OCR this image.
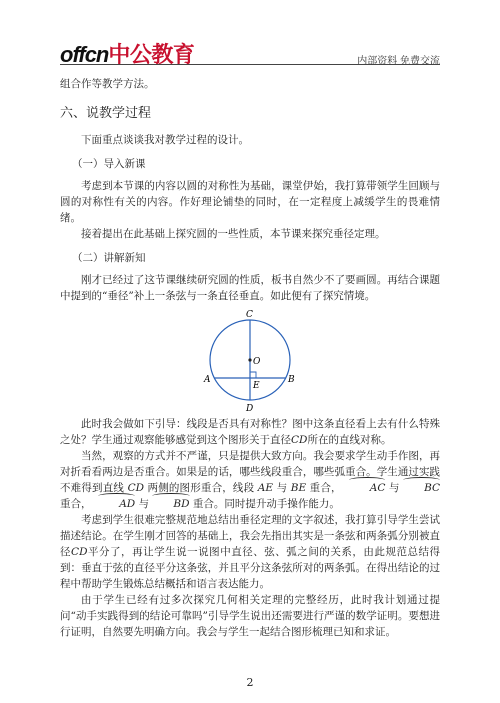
offcn中公教育	内部资料 免费交流

组合作等教学方法。

六、说教学过程

下面重点谈谈我对教学过程的设计。

（一）导入新课

考虑到本节课的内容以圆的对称性为基础，课堂伊始，我打算带领学生回顾与圆的对称性有关的内容。作好理论铺垫的同时，在一定程度上减缓学生的畏难情绪。

接着提出在此基础上探究圆的一些性质，本节课来探究垂径定理。

（二）讲解新知

刚才已经过了这节课继续研究圆的性质，板书自然少不了要画圆。再结合课题中提到的“垂径”补上一条弦与一条直径垂直。如此便有了探究情境。

C
O
A
E
B
D

此时我会做如下引导：线段是否具有对称性？图中这条直径看上去有什么特殊之处？学生通过观察能够感觉到这个图形关于直径CD所在的直线对称。

当然，观察的方式并不严谨，只是提供大致方向。我会要求学生动手作图，再对折看看两边是否重合。如果是的话，哪些线段重合，哪些弧重合。学生通过实践不难得到直线 CD 两侧的图形重合，线段 AE 与 BE 重合，	AC 与 BC 重合，	AD 与 BD 重合。同时提升动手操作能力。

考虑到学生很难完整规范地总结出垂径定理的文字叙述，我打算引导学生尝试描述结论。在学生刚才回答的基础上，我会先指出其实是一条弦和两条弧分别被直径CD平分了，再让学生说一说图中直径、弦、弧之间的关系，由此规范总结得到：垂直于弦的直径平分这条弦，并且平分这条弦所对的两条弧。在得出结论的过程中帮助学生锻炼总结概括和语言表达能力。

由于学生已经有过多次探究几何相关定理的完整经历，此时我计划通过提问“动手实践得到的结论可靠吗”引导学生说出还需要进行严谨的数学证明。要想进行证明，自然要先明确方向。我会与学生一起结合图形梳理已知和求证。

2
